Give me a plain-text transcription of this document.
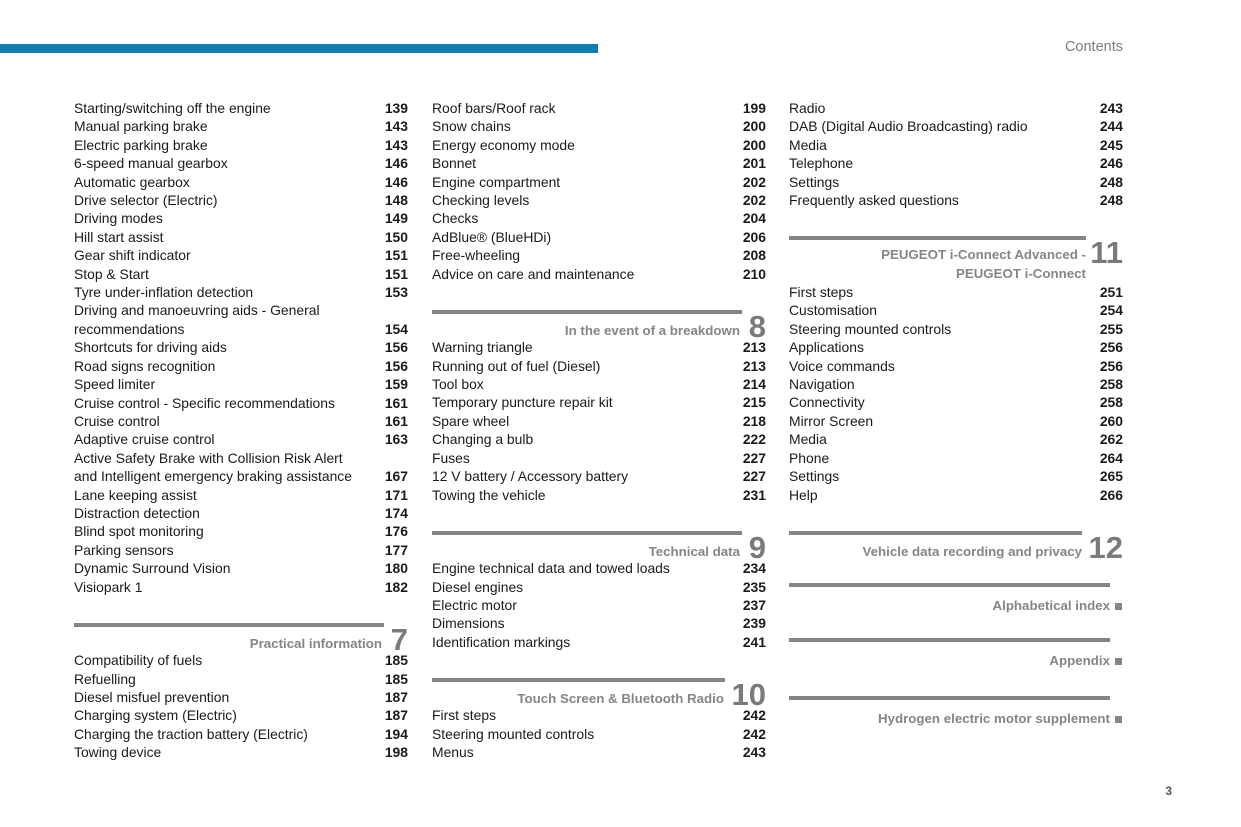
Contents
Starting/switching off the engine	139
Manual parking brake	143
Electric parking brake	143
6-speed manual gearbox	146
Automatic gearbox	146
Drive selector (Electric)	148
Driving modes	149
Hill start assist	150
Gear shift indicator	151
Stop & Start	151
Tyre under-inflation detection	153
Driving and manoeuvring aids - General
recommendations	154
Shortcuts for driving aids	156
Road signs recognition	156
Speed limiter	159
Cruise control - Specific recommendations	161
Cruise control	161
Adaptive cruise control	163
Active Safety Brake with Collision Risk Alert
and Intelligent emergency braking assistance	167
Lane keeping assist	171
Distraction detection	174
Blind spot monitoring	176
Parking sensors	177
Dynamic Surround Vision	180
Visiopark 1	182
Practical information 7
Compatibility of fuels	185
Refuelling	185
Diesel misfuel prevention	187
Charging system (Electric)	187
Charging the traction battery (Electric)	194
Towing device	198
Roof bars/Roof rack	199
Snow chains	200
Energy economy mode	200
Bonnet	201
Engine compartment	202
Checking levels	202
Checks	204
AdBlue® (BlueHDi)	206
Free-wheeling	208
Advice on care and maintenance	210
In the event of a breakdown 8
Warning triangle	213
Running out of fuel (Diesel)	213
Tool box	214
Temporary puncture repair kit	215
Spare wheel	218
Changing a bulb	222
Fuses	227
12 V battery / Accessory battery	227
Towing the vehicle	231
Technical data 9
Engine technical data and towed loads	234
Diesel engines	235
Electric motor	237
Dimensions	239
Identification markings	241
Touch Screen & Bluetooth Radio 10
First steps	242
Steering mounted controls	242
Menus	243
Radio	243
DAB (Digital Audio Broadcasting) radio	244
Media	245
Telephone	246
Settings	248
Frequently asked questions	248
PEUGEOT i-Connect Advanced -
PEUGEOT i-Connect
11
First steps	251
Customisation	254
Steering mounted controls	255
Applications	256
Voice commands	256
Navigation	258
Connectivity	258
Mirror Screen	260
Media	262
Phone	264
Settings	265
Help	266
Vehicle data recording and privacy 12
Alphabetical index
Appendix
Hydrogen electric motor supplement
3
